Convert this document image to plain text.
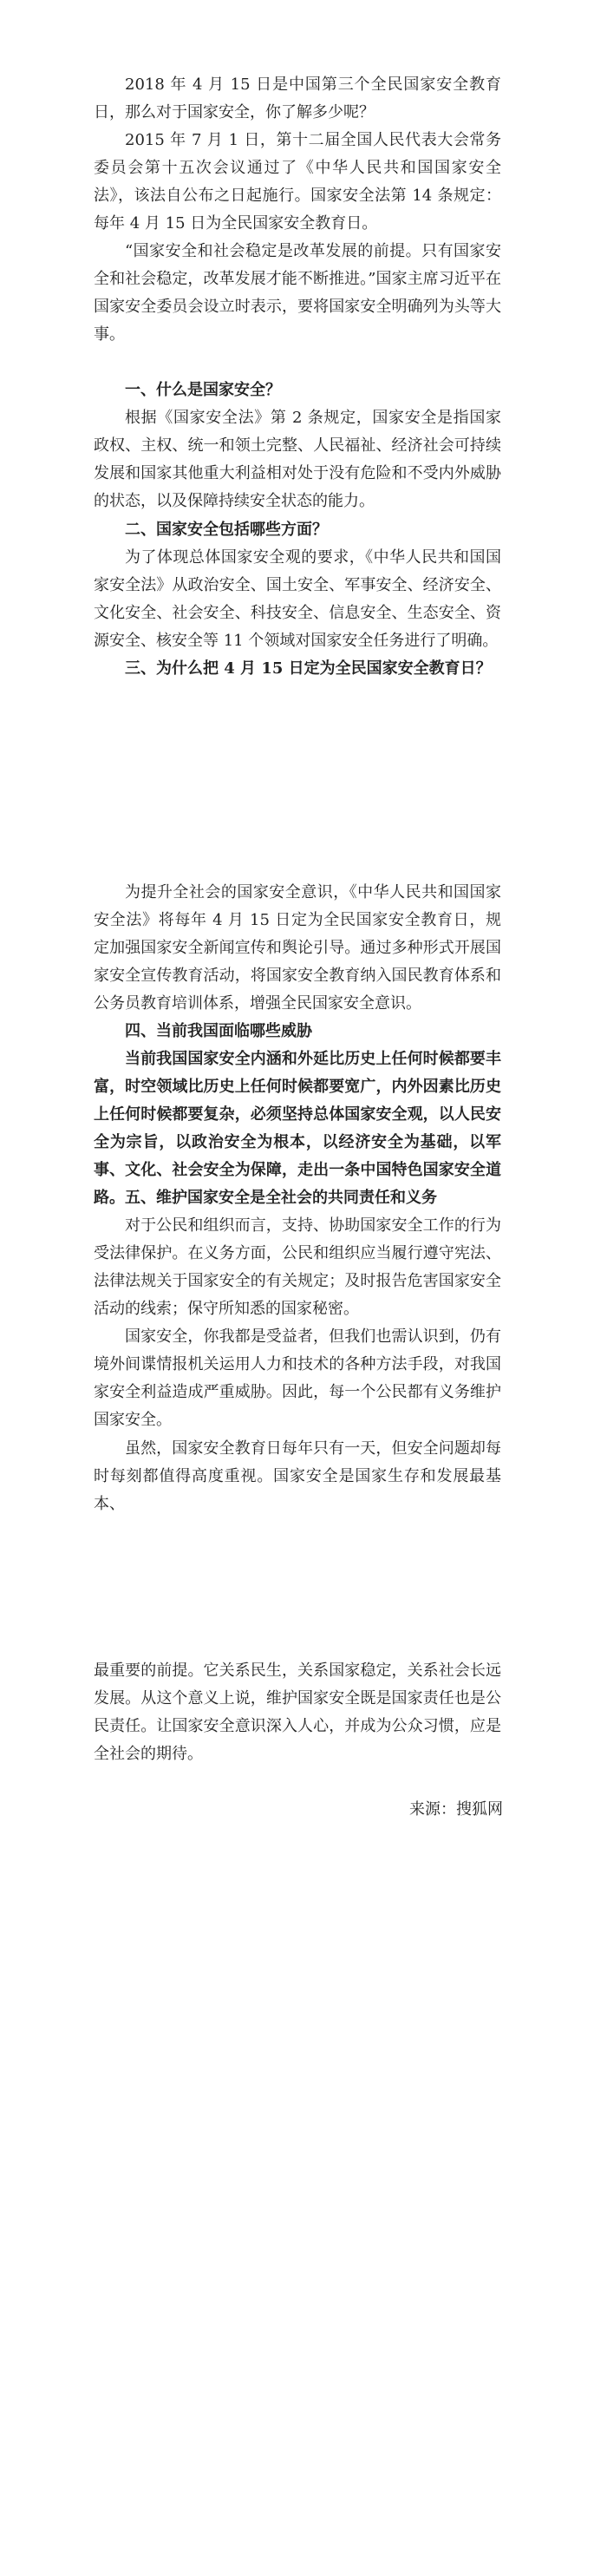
2018 年 4 月 15 日是中国第三个全民国家安全教育日，那么对于国家安全，你了解多少呢？

2015 年 7 月 1 日，第十二届全国人民代表大会常务委员会第十五次会议通过了《中华人民共和国国家安全法》，该法自公布之日起施行。国家安全法第 14 条规定：每年 4 月 15 日为全民国家安全教育日。

“国家安全和社会稳定是改革发展的前提。只有国家安全和社会稳定，改革发展才能不断推进。”国家主席习近平在国家安全委员会设立时表示，要将国家安全明确列为头等大事。

一、什么是国家安全？

根据《国家安全法》第 2 条规定，国家安全是指国家政权、主权、统一和领土完整、人民福祉、经济社会可持续发展和国家其他重大利益相对处于没有危险和不受内外威胁的状态，以及保障持续安全状态的能力。

二、国家安全包括哪些方面？

为了体现总体国家安全观的要求，《中华人民共和国国家安全法》从政治安全、国土安全、军事安全、经济安全、文化安全、社会安全、科技安全、信息安全、生态安全、资源安全、核安全等 11 个领域对国家安全任务进行了明确。

三、为什么把 4 月 15 日定为全民国家安全教育日？

为提升全社会的国家安全意识，《中华人民共和国国家安全法》将每年 4 月 15 日定为全民国家安全教育日，规定加强国家安全新闻宣传和舆论引导。通过多种形式开展国家安全宣传教育活动，将国家安全教育纳入国民教育体系和公务员教育培训体系，增强全民国家安全意识。

四、当前我国面临哪些威胁

当前我国国家安全内涵和外延比历史上任何时候都要丰富，时空领域比历史上任何时候都要宽广，内外因素比历史上任何时候都要复杂，必须坚持总体国家安全观，以人民安全为宗旨，以政治安全为根本，以经济安全为基础，以军事、文化、社会安全为保障，走出一条中国特色国家安全道路。 五、维护国家安全是全社会的共同责任和义务

对于公民和组织而言，支持、协助国家安全工作的行为受法律保护。在义务方面，公民和组织应当履行遵守宪法、法律法规关于国家安全的有关规定；及时报告危害国家安全活动的线索；保守所知悉的国家秘密。

国家安全，你我都是受益者，但我们也需认识到，仍有境外间谍情报机关运用人力和技术的各种方法手段，对我国家安全利益造成严重威胁。因此，每一个公民都有义务维护国家安全。

虽然，国家安全教育日每年只有一天，但安全问题却每时每刻都值得高度重视。国家安全是国家生存和发展最基本、

最重要的前提。它关系民生，关系国家稳定，关系社会长远发展。从这个意义上说，维护国家安全既是国家责任也是公民责任。让国家安全意识深入人心，并成为公众习惯，应是全社会的期待。

来源：搜狐网
